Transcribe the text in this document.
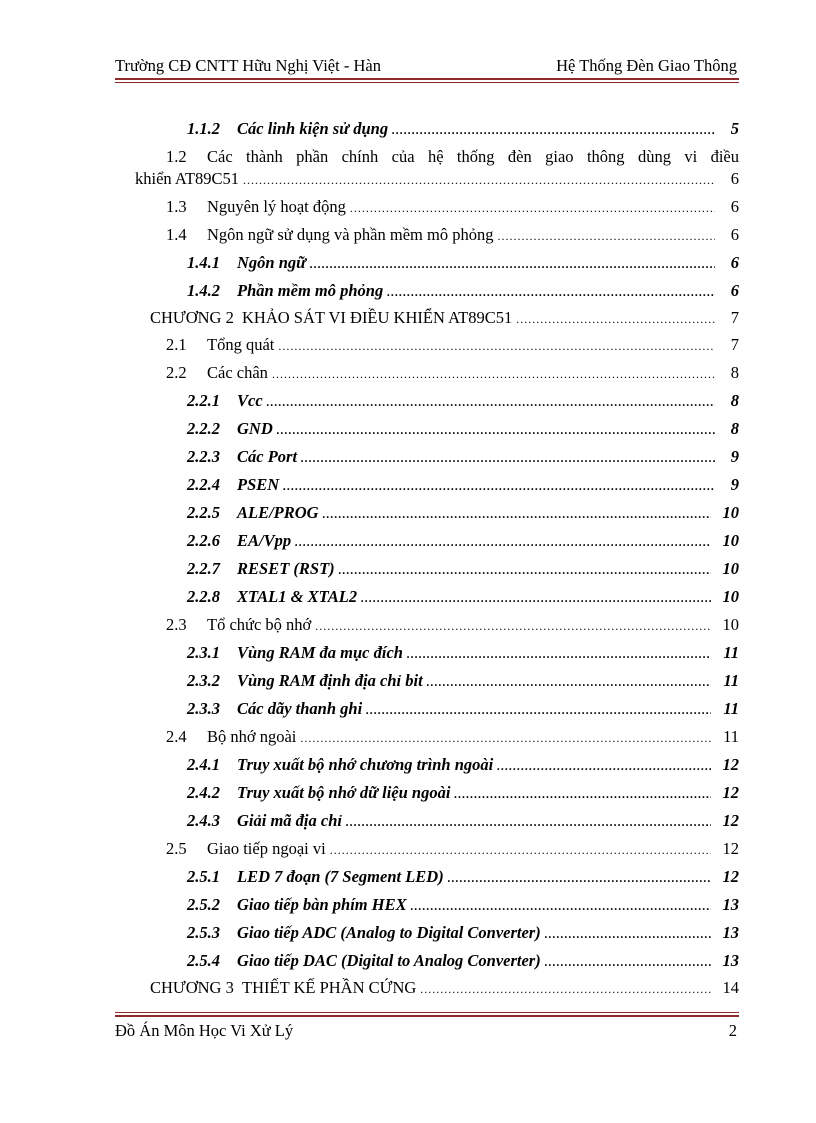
Trường CĐ CNTT Hữu Nghị Việt - Hàn	Hệ Thống Đèn Giao Thông
1.1.2	Các linh kiện sử dụng .....	5
1.2	Các thành phần chính của hệ thống đèn giao thông dùng vi điều
khiển AT89C51 .....	6
1.3	Nguyên lý hoạt động .....	6
1.4	Ngôn ngữ sử dụng và phần mềm mô phỏng .....	6
1.4.1	Ngôn ngữ .....	6
1.4.2	Phần mềm mô phỏng .....	6
CHƯƠNG 2 KHẢO SÁT VI ĐIỀU KHIỂN AT89C51 .....	7
2.1	Tổng quát .....	7
2.2	Các chân .....	8
2.2.1	Vcc .....	8
2.2.2	GND .....	8
2.2.3	Các Port .....	9
2.2.4	PSEN .....	9
2.2.5	ALE/PROG .....	10
2.2.6	EA/Vpp .....	10
2.2.7	RESET (RST) .....	10
2.2.8	XTAL1 & XTAL2 .....	10
2.3	Tổ chức bộ nhớ .....	10
2.3.1	Vùng RAM đa mục đích .....	11
2.3.2	Vùng RAM định địa chỉ bit .....	11
2.3.3	Các dãy thanh ghi .....	11
2.4	Bộ nhớ ngoài .....	11
2.4.1	Truy xuất bộ nhớ chương trình ngoài .....	12
2.4.2	Truy xuất bộ nhớ dữ liệu ngoài .....	12
2.4.3	Giải mã địa chỉ .....	12
2.5	Giao tiếp ngoại vi .....	12
2.5.1	LED 7 đoạn (7 Segment LED) .....	12
2.5.2	Giao tiếp bàn phím HEX .....	13
2.5.3	Giao tiếp ADC (Analog to Digital Converter) .....	13
2.5.4	Giao tiếp DAC (Digital to Analog Converter) .....	13
CHƯƠNG 3 THIẾT KẾ PHẦN CỨNG .....	14
Đồ Án Môn Học Vi Xử Lý	2
